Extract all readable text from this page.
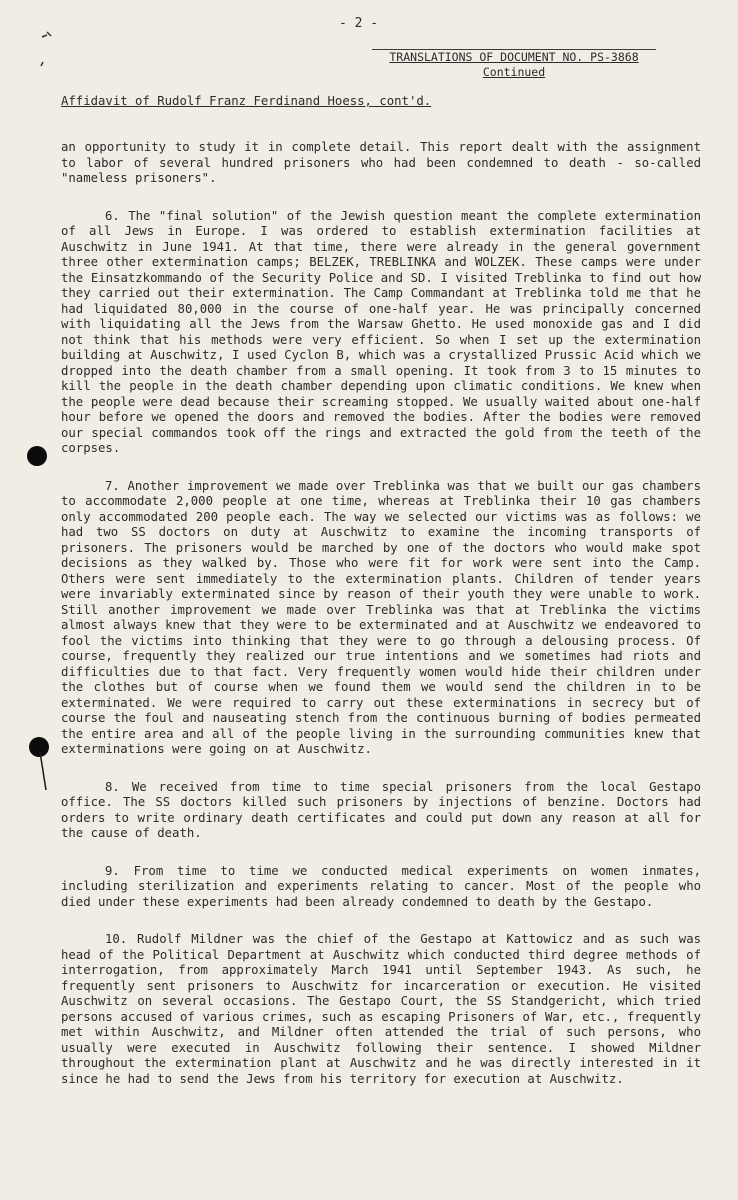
- 2 -
TRANSLATIONS OF DOCUMENT NO. PS-3868
Continued
Affidavit of Rudolf Franz Ferdinand Hoess, cont'd.

an opportunity to study it in complete detail. This report dealt with the assignment to labor of several hundred prisoners who had been condemned to death - so-called "nameless prisoners".

6. The "final solution" of the Jewish question meant the complete extermination of all Jews in Europe. I was ordered to establish extermination facilities at Auschwitz in June 1941. At that time, there were already in the general government three other extermination camps; BELZEK, TREBLINKA and WOLZEK. These camps were under the Einsatzkommando of the Security Police and SD. I visited Treblinka to find out how they carried out their extermination. The Camp Commandant at Treblinka told me that he had liquidated 80,000 in the course of one-half year. He was principally concerned with liquidating all the Jews from the Warsaw Ghetto. He used monoxide gas and I did not think that his methods were very efficient. So when I set up the extermination building at Auschwitz, I used Cyclon B, which was a crystallized Prussic Acid which we dropped into the death chamber from a small opening. It took from 3 to 15 minutes to kill the people in the death chamber depending upon climatic conditions. We knew when the people were dead because their screaming stopped. We usually waited about one-half hour before we opened the doors and removed the bodies. After the bodies were removed our special commandos took off the rings and extracted the gold from the teeth of the corpses.

7. Another improvement we made over Treblinka was that we built our gas chambers to accommodate 2,000 people at one time, whereas at Treblinka their 10 gas chambers only accommodated 200 people each. The way we selected our victims was as follows: we had two SS doctors on duty at Auschwitz to examine the incoming transports of prisoners. The prisoners would be marched by one of the doctors who would make spot decisions as they walked by. Those who were fit for work were sent into the Camp. Others were sent immediately to the extermination plants. Children of tender years were invariably exterminated since by reason of their youth they were unable to work. Still another improvement we made over Treblinka was that at Treblinka the victims almost always knew that they were to be exterminated and at Auschwitz we endeavored to fool the victims into thinking that they were to go through a delousing process. Of course, frequently they realized our true intentions and we sometimes had riots and difficulties due to that fact. Very frequently women would hide their children under the clothes but of course when we found them we would send the children in to be exterminated. We were required to carry out these exterminations in secrecy but of course the foul and nauseating stench from the continuous burning of bodies permeated the entire area and all of the people living in the surrounding communities knew that exterminations were going on at Auschwitz.

8. We received from time to time special prisoners from the local Gestapo office. The SS doctors killed such prisoners by injections of benzine. Doctors had orders to write ordinary death certificates and could put down any reason at all for the cause of death.

9. From time to time we conducted medical experiments on women inmates, including sterilization and experiments relating to cancer. Most of the people who died under these experiments had been already condemned to death by the Gestapo.

10. Rudolf Mildner was the chief of the Gestapo at Kattowicz and as such was head of the Political Department at Auschwitz which conducted third degree methods of interrogation, from approximately March 1941 until September 1943. As such, he frequently sent prisoners to Auschwitz for incarceration or execution. He visited Auschwitz on several occasions. The Gestapo Court, the SS Standgericht, which tried persons accused of various crimes, such as escaping Prisoners of War, etc., frequently met within Auschwitz, and Mildner often attended the trial of such persons, who usually were executed in Auschwitz following their sentence. I showed Mildner throughout the extermination plant at Auschwitz and he was directly interested in it since he had to send the Jews from his territory for execution at Auschwitz.
